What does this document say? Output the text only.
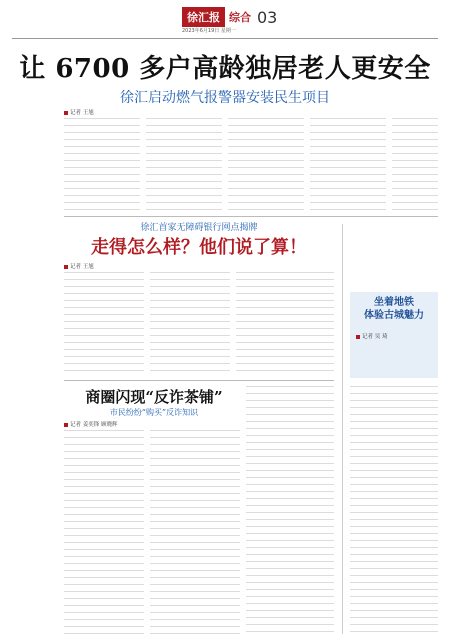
徐汇报 综合 03
2023年6月19日 星期一
让 6700 多户高龄独居老人更安全
徐汇启动燃气报警器安装民生项目
记者 王旭
徐汇首家无障碍银行网点揭牌
走得怎么样？他们说了算！
记者 王旭
坐着地铁
体验古城魅力
记者 吴 琦
商圈闪现“反诈茶铺”
市民纷纷“购买”反诈知识
记者 姜奕锋 顾晓辉
